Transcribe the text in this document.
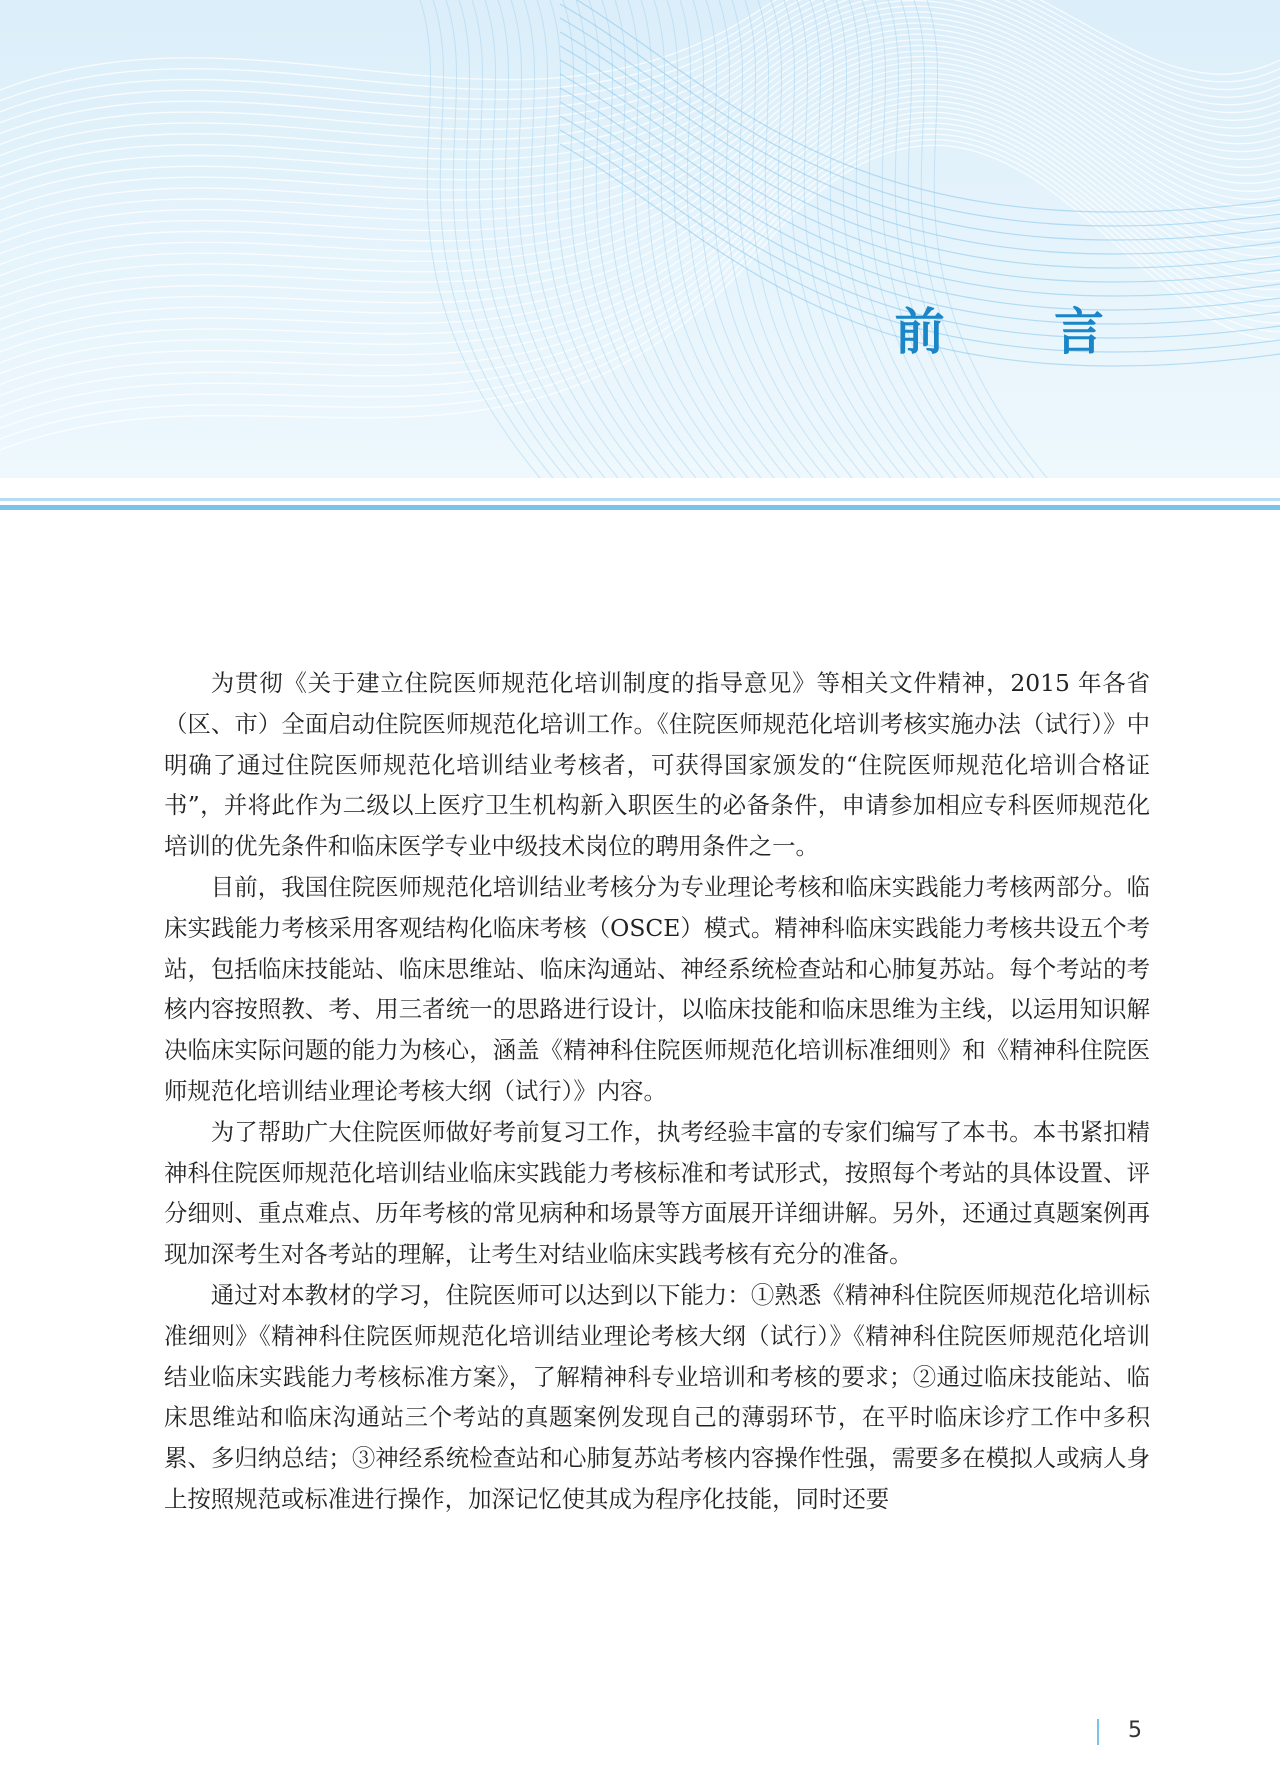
前 言

为贯彻《关于建立住院医师规范化培训制度的指导意见》等相关文件精神，2015 年各省（区、市）全面启动住院医师规范化培训工作。《住院医师规范化培训考核实施办法（试行）》中明确了通过住院医师规范化培训结业考核者，可获得国家颁发的“住院医师规范化培训合格证书”，并将此作为二级以上医疗卫生机构新入职医生的必备条件，申请参加相应专科医师规范化培训的优先条件和临床医学专业中级技术岗位的聘用条件之一。

目前，我国住院医师规范化培训结业考核分为专业理论考核和临床实践能力考核两部分。临床实践能力考核采用客观结构化临床考核（OSCE）模式。精神科临床实践能力考核共设五个考站，包括临床技能站、临床思维站、临床沟通站、神经系统检查站和心肺复苏站。每个考站的考核内容按照教、考、用三者统一的思路进行设计，以临床技能和临床思维为主线，以运用知识解决临床实际问题的能力为核心，涵盖《精神科住院医师规范化培训标准细则》和《精神科住院医师规范化培训结业理论考核大纲（试行）》内容。

为了帮助广大住院医师做好考前复习工作，执考经验丰富的专家们编写了本书。本书紧扣精神科住院医师规范化培训结业临床实践能力考核标准和考试形式，按照每个考站的具体设置、评分细则、重点难点、历年考核的常见病种和场景等方面展开详细讲解。另外，还通过真题案例再现加深考生对各考站的理解，让考生对结业临床实践考核有充分的准备。

通过对本教材的学习，住院医师可以达到以下能力：①熟悉《精神科住院医师规范化培训标准细则》《精神科住院医师规范化培训结业理论考核大纲（试行）》《精神科住院医师规范化培训结业临床实践能力考核标准方案》，了解精神科专业培训和考核的要求；②通过临床技能站、临床思维站和临床沟通站三个考站的真题案例发现自己的薄弱环节，在平时临床诊疗工作中多积累、多归纳总结；③神经系统检查站和心肺复苏站考核内容操作性强，需要多在模拟人或病人身上按照规范或标准进行操作，加深记忆使其成为程序化技能，同时还要

5
